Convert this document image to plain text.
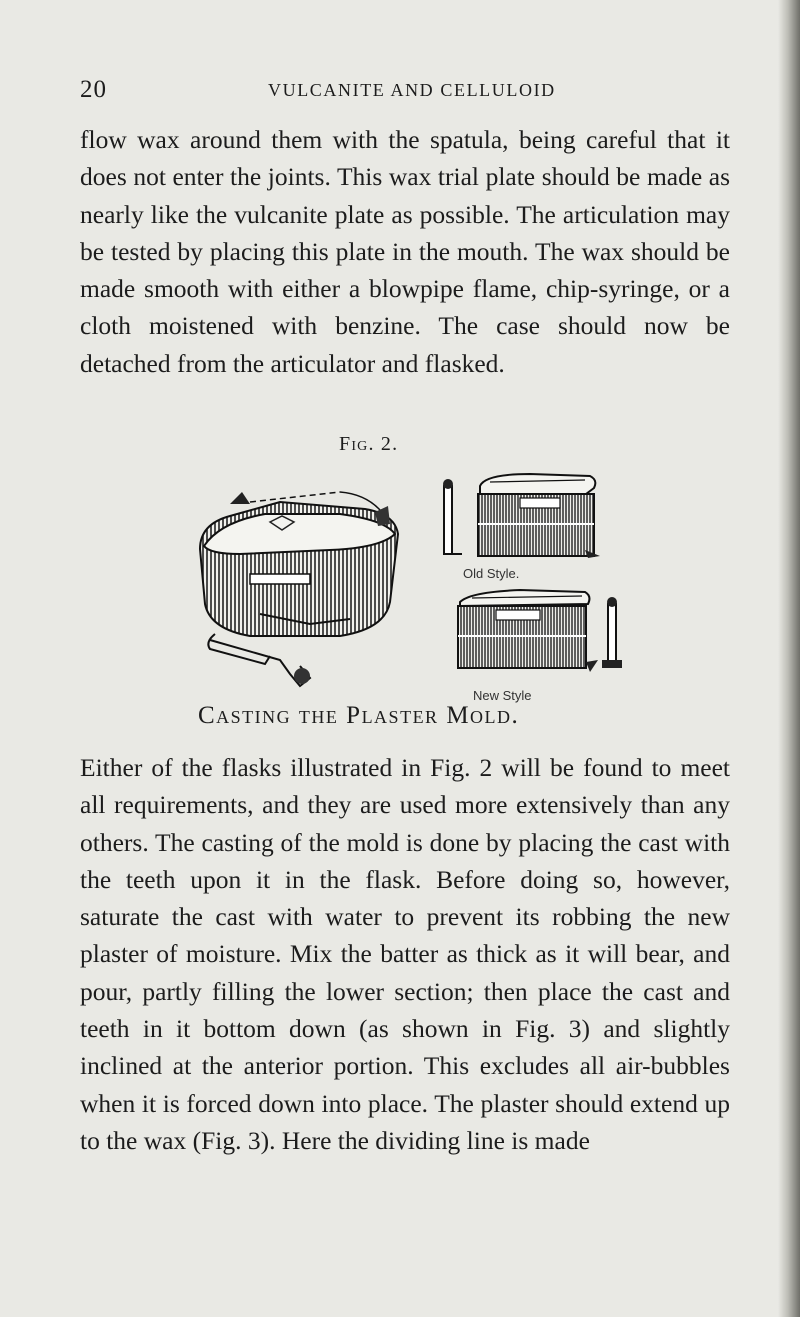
20	VULCANITE AND CELLULOID
flow wax around them with the spatula, being careful that it does not enter the joints. This wax trial plate should be made as nearly like the vulcanite plate as possible. The articulation may be tested by placing this plate in the mouth. The wax should be made smooth with either a blowpipe flame, chip-syringe, or a cloth moistened with benzine. The case should now be detached from the articulator and flasked.
Fig. 2.
Old Style.
New Style
Casting the Plaster Mold.
Either of the flasks illustrated in Fig. 2 will be found to meet all requirements, and they are used more extensively than any others. The casting of the mold is done by placing the cast with the teeth upon it in the flask. Before doing so, however, saturate the cast with water to prevent its robbing the new plaster of moisture. Mix the batter as thick as it will bear, and pour, partly filling the lower section; then place the cast and teeth in it bottom down (as shown in Fig. 3) and slightly inclined at the anterior portion. This excludes all air-bubbles when it is forced down into place. The plaster should extend up to the wax (Fig. 3). Here the dividing line is made
